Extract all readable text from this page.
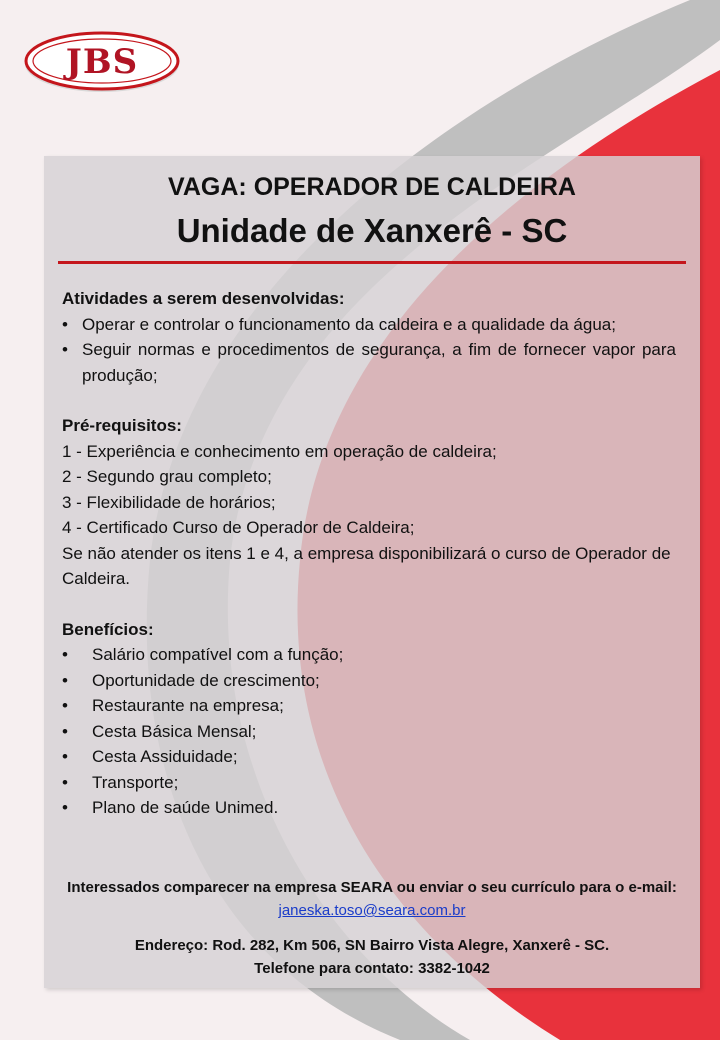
JBS
VAGA: OPERADOR DE CALDEIRA
Unidade de Xanxerê - SC
Atividades a serem desenvolvidas:
• Operar e controlar o funcionamento da caldeira e a qualidade da água;
• Seguir normas e procedimentos de segurança, a fim de fornecer vapor para produção;
Pré-requisitos:
1 - Experiência e conhecimento em operação de caldeira;
2 - Segundo grau completo;
3 - Flexibilidade de horários;
4 - Certificado Curso de Operador de Caldeira;
Se não atender os itens 1 e 4, a empresa disponibilizará o curso de Operador de Caldeira.
Benefícios:
• Salário compatível com a função;
• Oportunidade de crescimento;
• Restaurante na empresa;
• Cesta Básica Mensal;
• Cesta Assiduidade;
• Transporte;
• Plano de saúde Unimed.
Interessados comparecer na empresa SEARA ou enviar o seu currículo para o e-mail: janeska.toso@seara.com.br
Endereço: Rod. 282, Km 506, SN Bairro Vista Alegre, Xanxerê - SC.
Telefone para contato: 3382-1042
